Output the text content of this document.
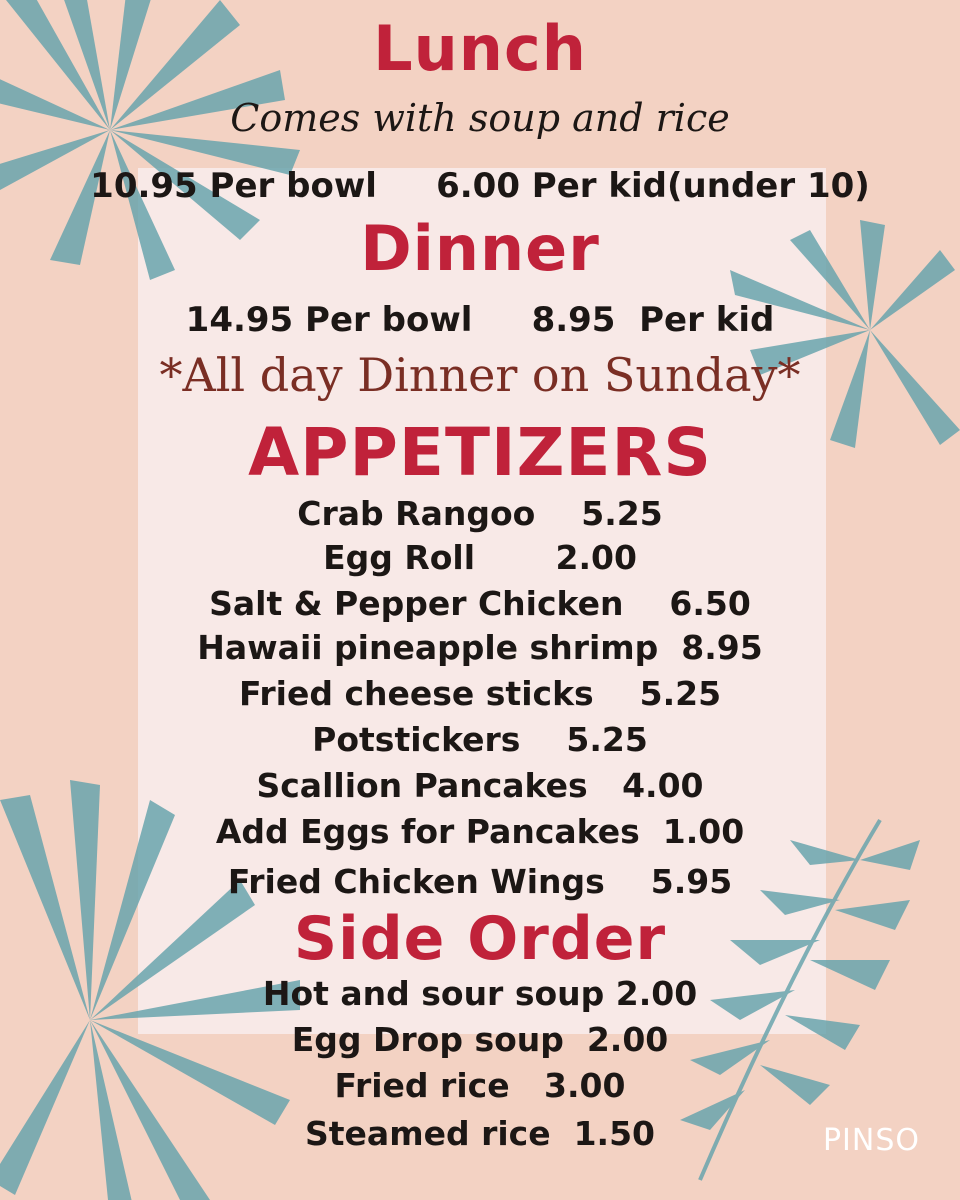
Lunch
Comes with soup and rice
10.95 Per bowl     6.00 Per kid(under 10)
Dinner
14.95 Per bowl     8.95  Per kid
*All day Dinner on Sunday*
APPETIZERS
Crab Rangoo    5.25
Egg Roll       2.00
Salt & Pepper Chicken    6.50
Hawaii pineapple shrimp  8.95
Fried cheese sticks    5.25
Potstickers    5.25
Scallion Pancakes   4.00
Add Eggs for Pancakes  1.00
Fried Chicken Wings    5.95
Side Order
Hot and sour soup 2.00
Egg Drop soup  2.00
Fried rice   3.00
Steamed rice  1.50	PINSO
